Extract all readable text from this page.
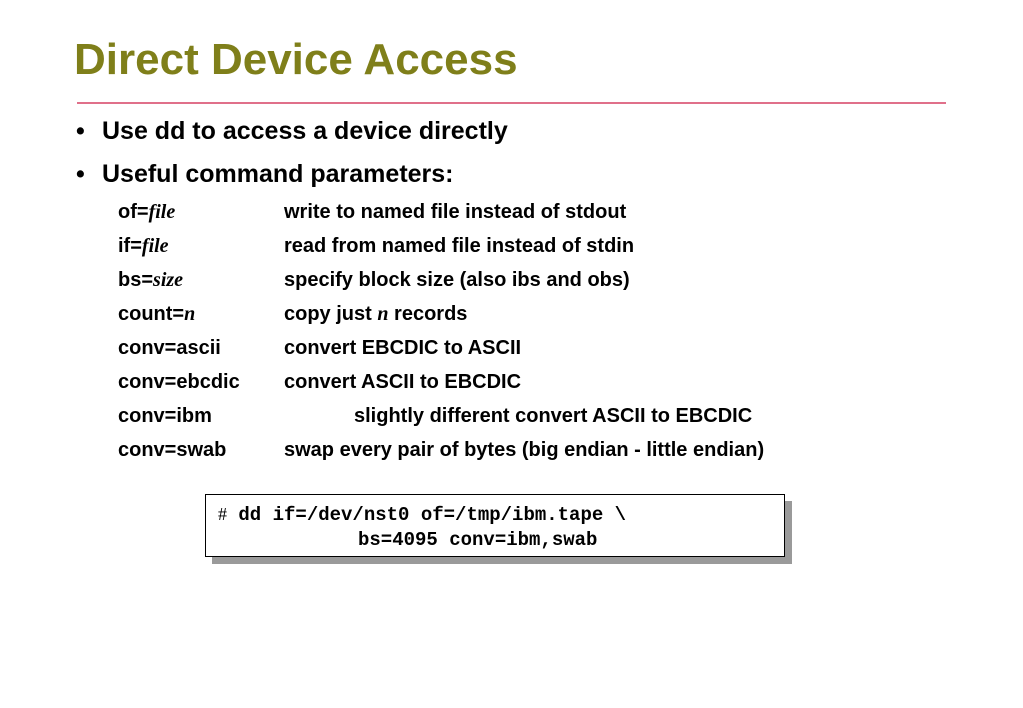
Direct Device Access
• Use dd to access a device directly
• Useful command parameters:
of=file	write to named file instead of stdout
if=file	read from named file instead of stdin
bs=size	specify block size (also ibs and obs)
count=n	copy just n records
conv=ascii	convert EBCDIC to ASCII
conv=ebcdic convert ASCII to EBCDIC
conv=ibm	slightly different convert ASCII to EBCDIC
conv=swab	swap every pair of bytes (big endian - little endian)
# dd if=/dev/nst0 of=/tmp/ibm.tape \
bs=4095 conv=ibm,swab
